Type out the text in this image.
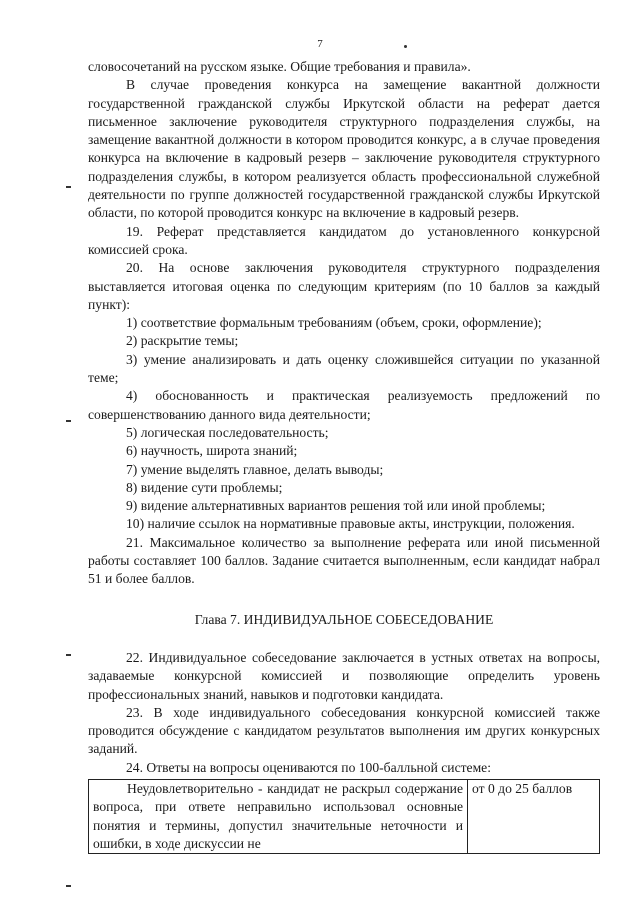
7

словосочетаний на русском языке. Общие требования и правила».

В случае проведения конкурса на замещение вакантной должности государственной гражданской службы Иркутской области на реферат дается письменное заключение руководителя структурного подразделения службы, на замещение вакантной должности в котором проводится конкурс, а в случае проведения конкурса на включение в кадровый резерв – заключение руководителя структурного подразделения службы, в котором реализуется область профессиональной служебной деятельности по группе должностей государственной гражданской службы Иркутской области, по которой проводится конкурс на включение в кадровый резерв.

19. Реферат представляется кандидатом до установленного конкурсной комиссией срока.

20. На основе заключения руководителя структурного подразделения выставляется итоговая оценка по следующим критериям (по 10 баллов за каждый пункт):

1) соответствие формальным требованиям (объем, сроки, оформление);

2) раскрытие темы;

3) умение анализировать и дать оценку сложившейся ситуации по указанной теме;

4) обоснованность и практическая реализуемость предложений по совершенствованию данного вида деятельности;

5) логическая последовательность;

6) научность, широта знаний;

7) умение выделять главное, делать выводы;

8) видение сути проблемы;

9) видение альтернативных вариантов решения той или иной проблемы;

10) наличие ссылок на нормативные правовые акты, инструкции, положения.

21. Максимальное количество за выполнение реферата или иной письменной работы составляет 100 баллов. Задание считается выполненным, если кандидат набрал 51 и более баллов.

Глава 7. ИНДИВИДУАЛЬНОЕ СОБЕСЕДОВАНИЕ

22. Индивидуальное собеседование заключается в устных ответах на вопросы, задаваемые конкурсной комиссией и позволяющие определить уровень профессиональных знаний, навыков и подготовки кандидата.

23. В ходе индивидуального собеседования конкурсной комиссией также проводится обсуждение с кандидатом результатов выполнения им других конкурсных заданий.

24. Ответы на вопросы оцениваются по 100-балльной системе:

Неудовлетворительно - кандидат не раскрыл содержание вопроса, при ответе неправильно использовал основные понятия и термины, допустил значительные неточности и ошибки, в ходе дискуссии не	от 0 до 25 баллов
